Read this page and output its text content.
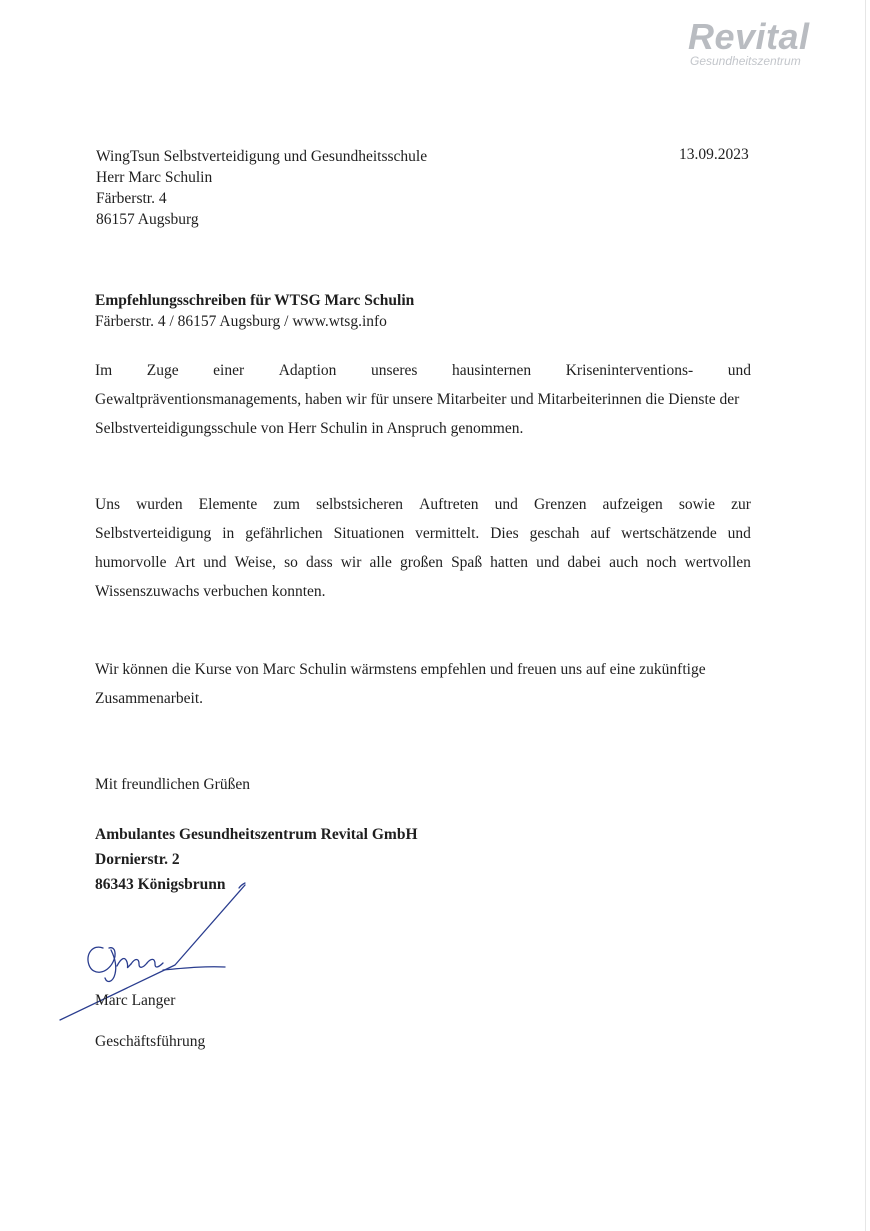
Revital
Gesundheitszentrum
WingTsun Selbstverteidigung und Gesundheitsschule
Herr Marc Schulin
Färberstr. 4
86157 Augsburg
13.09.2023
Empfehlungsschreiben für WTSG Marc Schulin
Färberstr. 4 / 86157 Augsburg / www.wtsg.info
Im Zuge einer Adaption unseres hausinternen Kriseninterventions- und
Gewaltpräventionsmanagements, haben wir für unsere Mitarbeiter und Mitarbeiterinnen die Dienste der
Selbstverteidigungsschule von Herr Schulin in Anspruch genommen.
Uns wurden Elemente zum selbstsicheren Auftreten und Grenzen aufzeigen sowie zur
Selbstverteidigung in gefährlichen Situationen vermittelt. Dies geschah auf wertschätzende und
humorvolle Art und Weise, so dass wir alle großen Spaß hatten und dabei auch noch wertvollen
Wissenszuwachs verbuchen konnten.
Wir können die Kurse von Marc Schulin wärmstens empfehlen und freuen uns auf eine zukünftige
Zusammenarbeit.
Mit freundlichen Grüßen
Ambulantes Gesundheitszentrum Revital GmbH
Dornierstr. 2
86343 Königsbrunn
Marc Langer
Geschäftsführung
